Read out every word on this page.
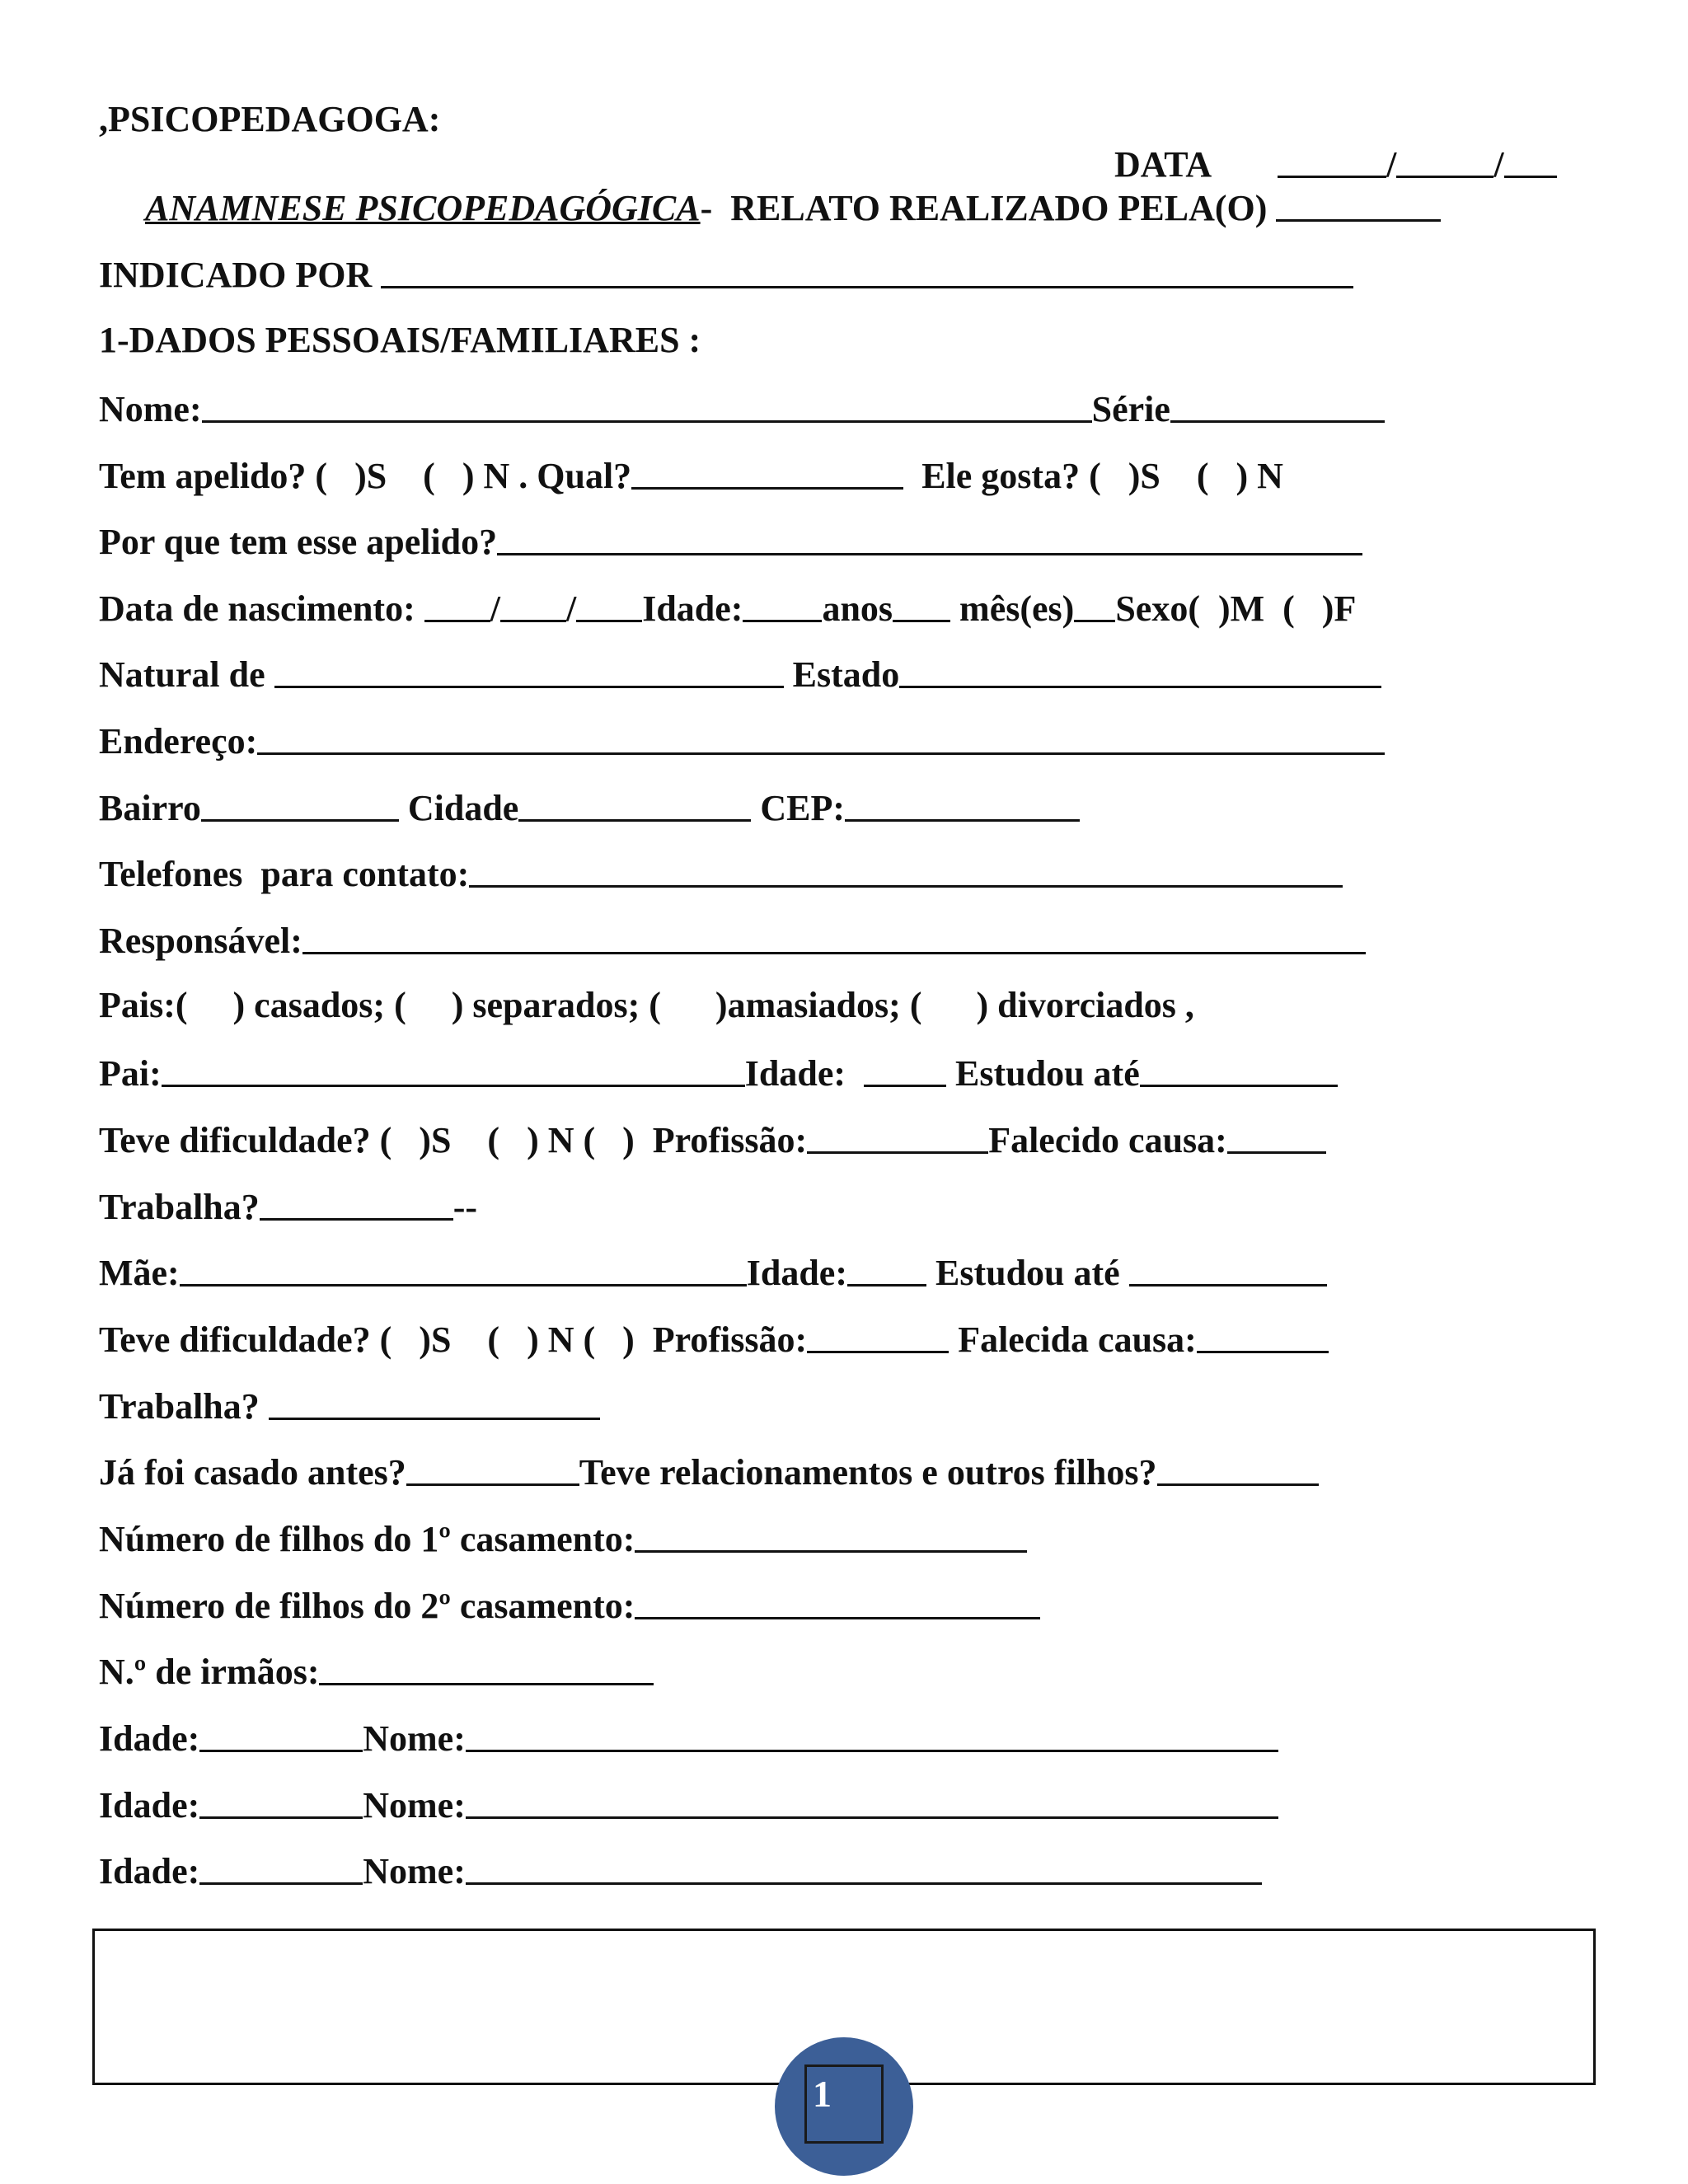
,PSICOPEDAGOGA:
DATA	/	/
ANAMNESE PSICOPEDAGÓGICA-  RELATO REALIZADO PELA(O)
INDICADO POR
1-DADOS PESSOAIS/FAMILIARES :
Nome:	Série
Tem apelido? (   )S    (   ) N . Qual?	Ele gosta? (   )S    (   ) N
Por que tem esse apelido?
Data de nascimento: / / Idade: anos mês(es) Sexo(  )M  (   )F
Natural de	Estado
Endereço:
Bairro	Cidade	CEP:
Telefones  para contato:
Responsável:
Pais:(     ) casados; (     ) separados; (      )amasiados; (      ) divorciados ,
Pai:	Idade:   Estudou até
Teve dificuldade? (   )S    (   ) N (   )  Profissão:	Falecido causa:
Trabalha?	--
Mãe:	Idade: Estudou até
Teve dificuldade? (   )S    (   ) N (   )  Profissão:	Falecida causa:
Trabalha?
Já foi casado antes?	Teve relacionamentos e outros filhos?
Número de filhos do 1º casamento:
Número de filhos do 2º casamento:
N.º de irmãos:
Idade:	Nome:
Idade:	Nome:
Idade:	Nome:
1
